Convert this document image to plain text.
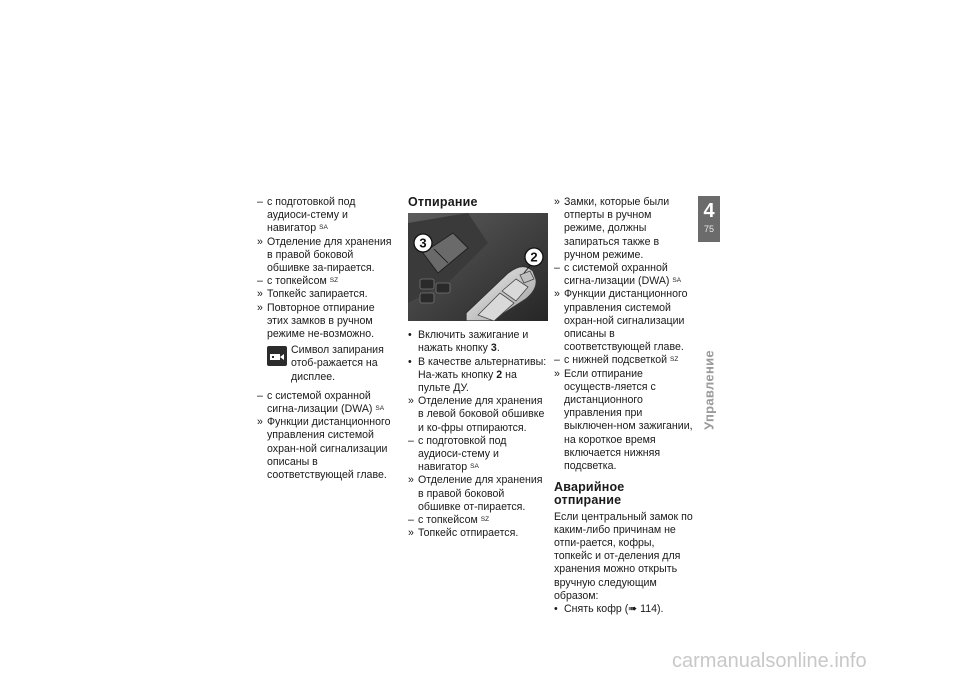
– с подготовкой под аудиоси-стему и навигатор $^{SA}$

» Отделение для хранения в правой боковой обшивке за-пирается.

– с топкейсом $^{SZ}$

» Топкейс запирается.

» Повторное отпирание этих замков в ручном режиме не-возможно.

Символ запирания отоб-ражается на дисплее.

– с системой охранной сигна-лизации (DWA) $^{SA}$

» Функции дистанционного управления системой охран-ной сигнализации описаны в соответствующей главе.

Отпирание
3
2

• Включить зажигание и нажать кнопку 3.

• В качестве альтернативы: На-жать кнопку 2 на пульте ДУ.

» Отделение для хранения в левой боковой обшивке и ко-фры отпираются.

– с подготовкой под аудиоси-стему и навигатор $^{SA}$

» Отделение для хранения в правой боковой обшивке от-пирается.

– с топкейсом $^{SZ}$

» Топкейс отпирается.

» Замки, которые были отперты в ручном режиме, должны запираться также в ручном режиме.

– с системой охранной сигна-лизации (DWA) $^{SA}$

» Функции дистанционного управления системой охран-ной сигнализации описаны в соответствующей главе.

– с нижней подсветкой $^{SZ}$

» Если отпирание осуществ-ляется с дистанционного управления при выключен-ном зажигании, на короткое время включается нижняя подсветка.

Аварийное отпирание

Если центральный замок по каким-либо причинам не отпи-рается, кофры, топкейс и от-деления для хранения можно открыть вручную следующим образом:

• Снять кофр (➠ 114).

4
75
Управление
carmanualsonline.info
